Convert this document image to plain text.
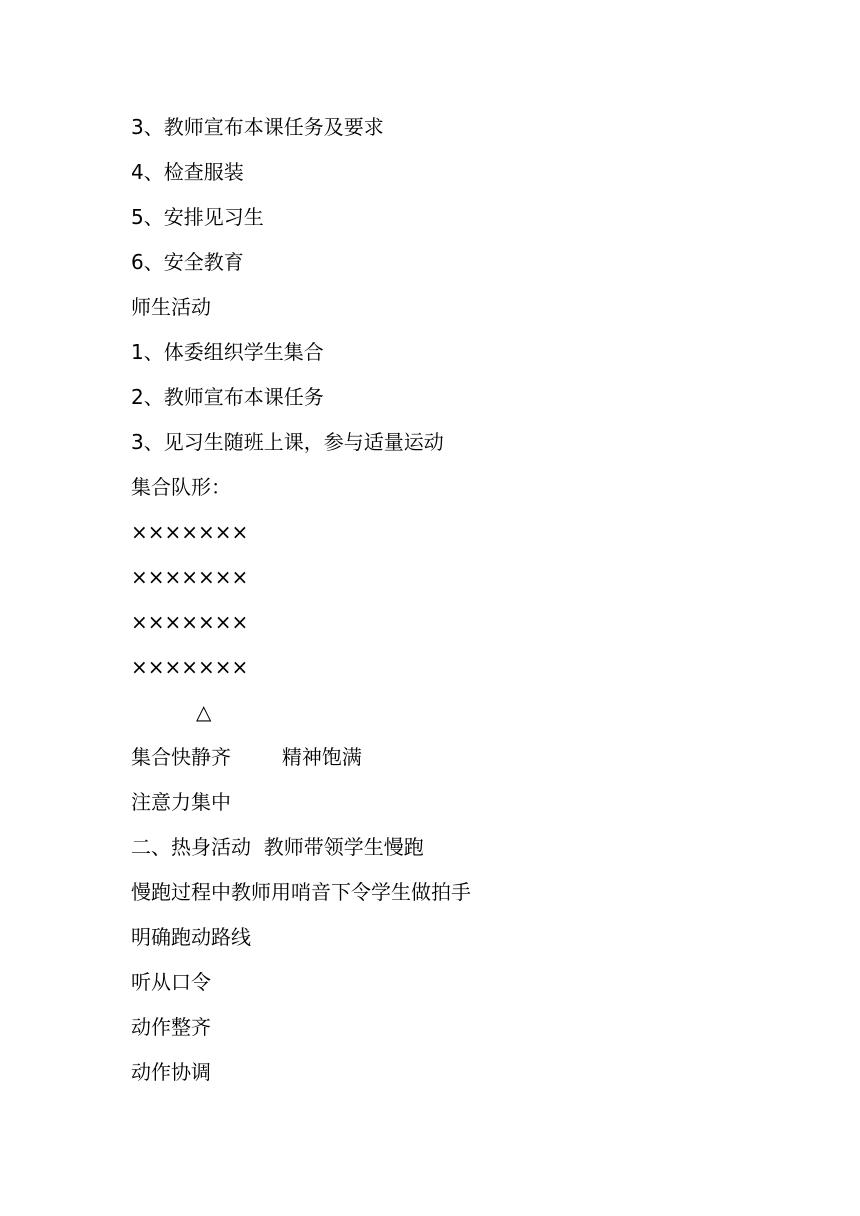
3、教师宣布本课任务及要求
4、检查服装
5、安排见习生
6、安全教育
师生活动
1、体委组织学生集合
2、教师宣布本课任务
3、见习生随班上课，参与适量运动
集合队形：
×××××××
×××××××
×××××××
×××××××
△
集合快静齐        精神饱满
注意力集中
二、热身活动  教师带领学生慢跑
慢跑过程中教师用哨音下令学生做拍手
明确跑动路线
听从口令
动作整齐
动作协调
